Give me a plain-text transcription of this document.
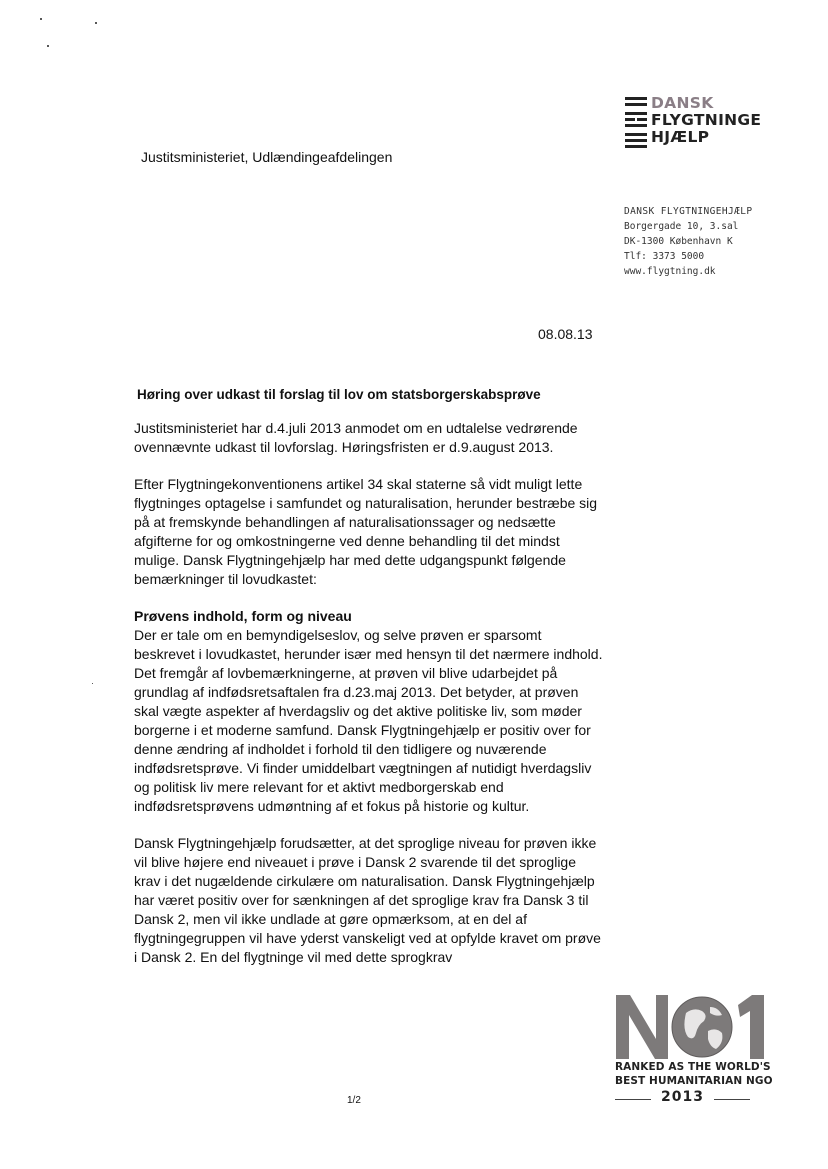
DANSK
FLYGTNINGE
HJÆLP
DANSK FLYGTNINGEHJÆLP
Borgergade 10, 3.sal
DK-1300 København K
Tlf: 3373 5000
www.flygtning.dk
Justitsministeriet, Udlændingeafdelingen
08.08.13
Høring over udkast til forslag til lov om statsborgerskabsprøve

Justitsministeriet har d.4.juli 2013 anmodet om en udtalelse vedrørende ovennævnte udkast til lovforslag. Høringsfristen er d.9.august 2013.

Efter Flygtningekonventionens artikel 34 skal staterne så vidt muligt lette flygtninges optagelse i samfundet og naturalisation, herunder bestræbe sig på at fremskynde behandlingen af naturalisationssager og nedsætte afgifterne for og omkostningerne ved denne behandling til det mindst mulige. Dansk Flygtningehjælp har med dette udgangspunkt følgende bemærkninger til lovudkastet:

Prøvens indhold, form og niveau

Der er tale om en bemyndigelseslov, og selve prøven er sparsomt beskrevet i lovudkastet, herunder især med hensyn til det nærmere indhold.

Det fremgår af lovbemærkningerne, at prøven vil blive udarbejdet på grundlag af indfødsretsaftalen fra d.23.maj 2013. Det betyder, at prøven skal vægte aspekter af hverdagsliv og det aktive politiske liv, som møder borgerne i et moderne samfund. Dansk Flygtningehjælp er positiv over for denne ændring af indholdet i forhold til den tidligere og nuværende indfødsretsprøve. Vi finder umiddelbart vægtningen af nutidigt hverdagsliv og politisk liv mere relevant for et aktivt medborgerskab end indfødsretsprøvens udmøntning af et fokus på historie og kultur.

Dansk Flygtningehjælp forudsætter, at det sproglige niveau for prøven ikke vil blive højere end niveauet i prøve i Dansk 2 svarende til det sproglige krav i det nugældende cirkulære om naturalisation. Dansk Flygtningehjælp har været positiv over for sænkningen af det sproglige krav fra Dansk 3 til Dansk 2, men vil ikke undlade at gøre opmærksom, at en del af flygtningegruppen vil have yderst vanskeligt ved at opfylde kravet om prøve i Dansk 2. En del flygtninge vil med dette sprogkrav

1/2
RANKED AS THE WORLD'S
BEST HUMANITARIAN NGO
2013
